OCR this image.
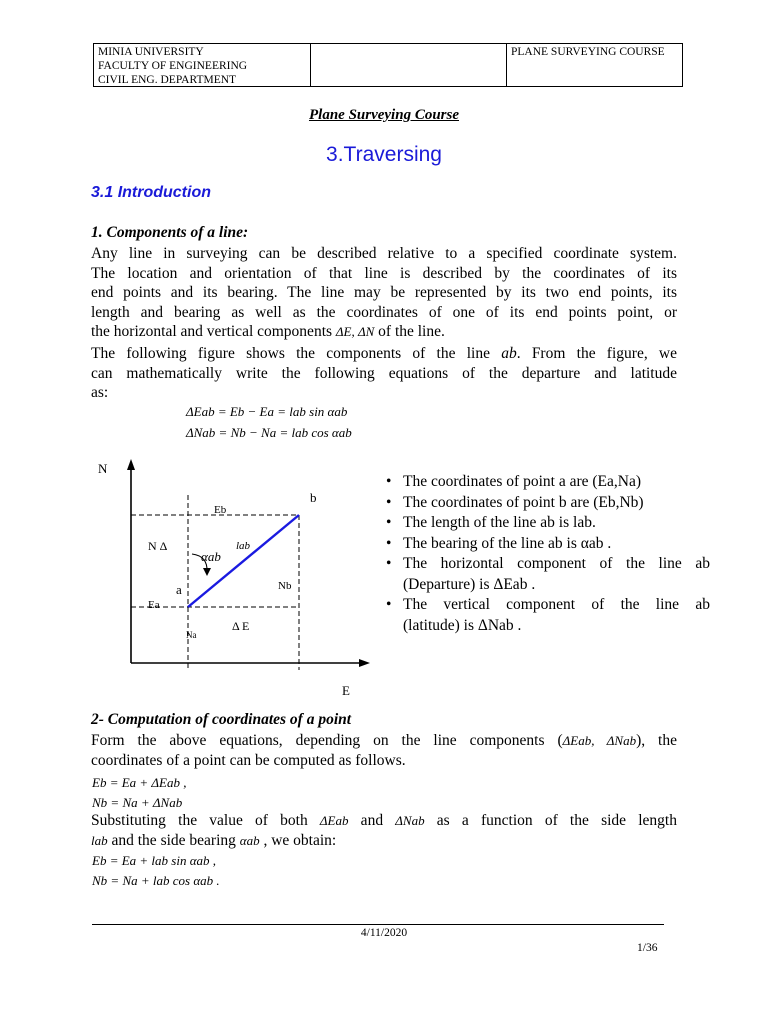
MINIA UNIVERSITY
FACULTY OF ENGINEERING
CIVIL ENG. DEPARTMENT
PLANE SURVEYING COURSE
Plane Surveying Course
3.Traversing
3.1 Introduction
1. Components of a line:
Any line in surveying can be described relative to a specified coordinate system.
The location and orientation of that line is described by the coordinates of its
end points and its bearing. The line may be represented by its two end points, its
length and bearing as well as the coordinates of one of its end points point, or
the horizontal and vertical components ΔE, ΔN of the line.
The following figure shows the components of the line ab. From the figure, we
can mathematically write the following equations of the departure and latitude
as:
ΔEab = Eb − Ea = lab sin αab
ΔNab = Nb − Na = lab cos αab
N
E
Eb
b
N Δ	lab
αab
a	Nb
Ea
Δ E
Na
• The coordinates of point a are (Ea,Na)
• The coordinates of point b are (Eb,Nb)
• The length of the line ab is lab.
• The bearing of the line ab is αab .
• The horizontal component of the line ab
(Departure) is ΔEab .
• The vertical component of the line ab
(latitude) is ΔNab .
2- Computation of coordinates of a point
Form the above equations, depending on the line components (ΔEab, ΔNab), the
coordinates of a point can be computed as follows.
Eb = Ea + ΔEab ,
Nb = Na + ΔNab
Substituting the value of both ΔEab and ΔNab as a function of the side length
lab and the side bearing αab , we obtain:
Eb = Ea + lab sin αab ,
Nb = Na + lab cos αab .
4/11/2020
1/36
